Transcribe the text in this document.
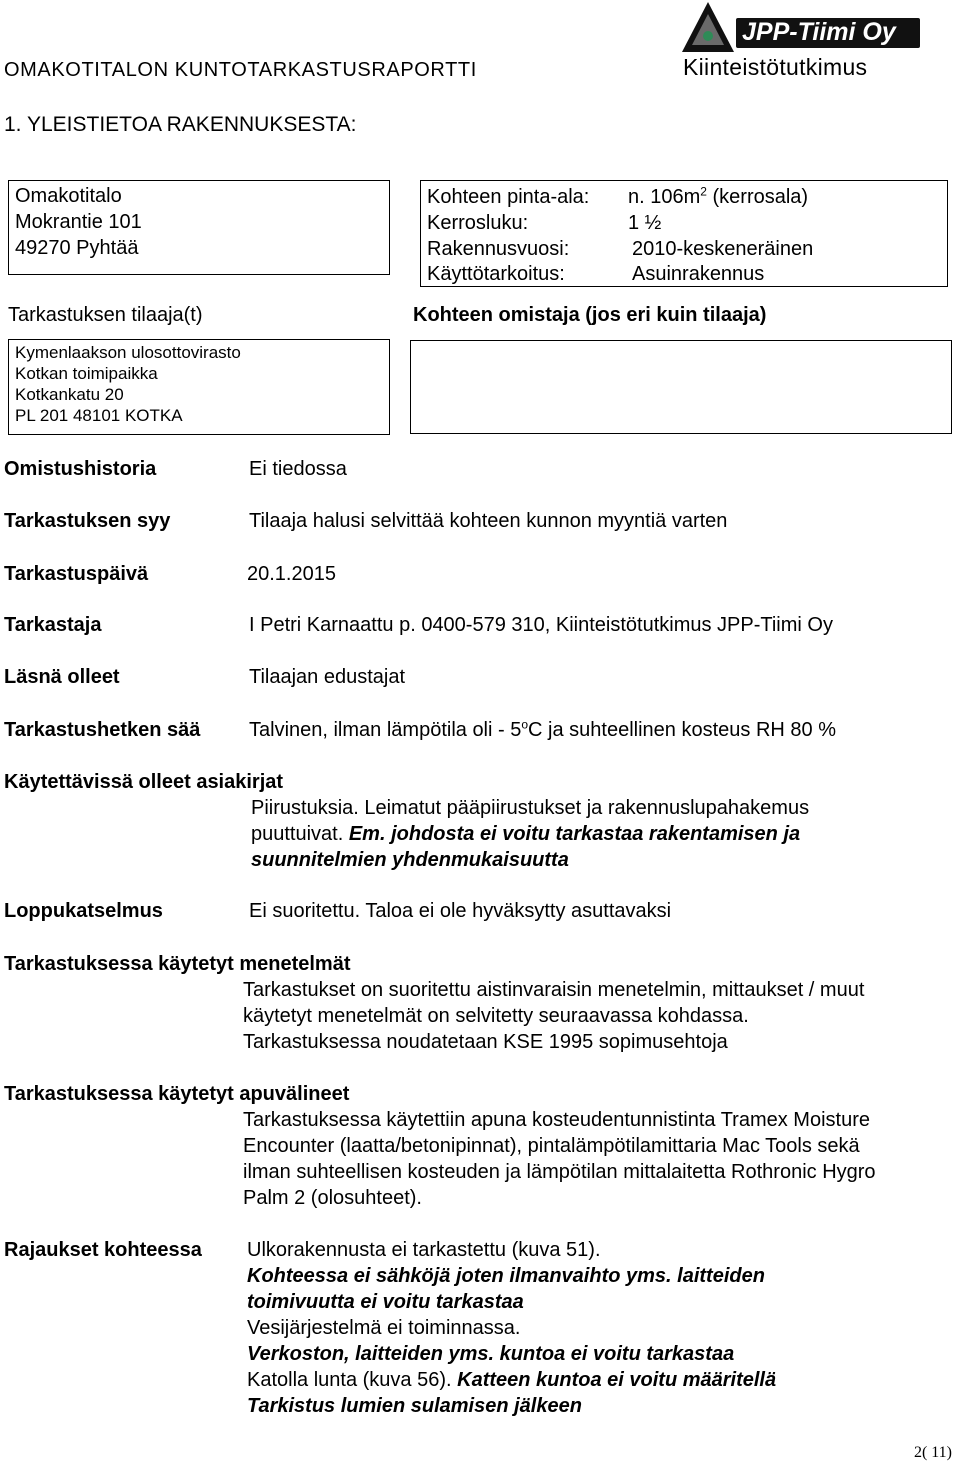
OMAKOTITALON KUNTOTARKASTUSRAPORTTI
1. YLEISTIETOA RAKENNUKSESTA:
JPP-Tiimi Oy
Kiinteistötutkimus
Omakotitalo
Mokrantie 101
49270 Pyhtää
Kohteen pinta-ala: n. $106m^2$ (kerrosala)
Kerrosluku:	1 ½
Rakennusvuosi:	2010-keskeneräinen
Käyttötarkoitus:	Asuinrakennus
Tarkastuksen tilaaja(t)	Kohteen omistaja (jos eri kuin tilaaja)
Kymenlaakson ulosottovirasto
Kotkan toimipaikka
Kotkankatu 20
PL 201 48101 KOTKA
Omistushistoria	Ei tiedossa
Tarkastuksen syy	Tilaaja halusi selvittää kohteen kunnon myyntiä varten
Tarkastuspäivä	20.1.2015
Tarkastaja	I Petri Karnaattu p. 0400-579 310, Kiinteistötutkimus JPP-Tiimi Oy
Läsnä olleet	Tilaajan edustajat
Tarkastushetken sää Talvinen, ilman lämpötila oli - 5$^o$C ja suhteellinen kosteus RH 80 %
Käytettävissä olleet asiakirjat
Piirustuksia. Leimatut pääpiirustukset ja rakennuslupahakemus
puuttuivat. Em. johdosta ei voitu tarkastaa rakentamisen ja
suunnitelmien yhdenmukaisuutta
Loppukatselmus	Ei suoritettu. Taloa ei ole hyväksytty asuttavaksi
Tarkastuksessa käytetyt menetelmät
Tarkastukset on suoritettu aistinvaraisin menetelmin, mittaukset / muut
käytetyt menetelmät on selvitetty seuraavassa kohdassa.
Tarkastuksessa noudatetaan KSE 1995 sopimusehtoja
Tarkastuksessa käytetyt apuvälineet
Tarkastuksessa käytettiin apuna kosteudentunnistinta Tramex Moisture
Encounter (laatta/betonipinnat), pintalämpötilamittaria Mac Tools sekä
ilman suhteellisen kosteuden ja lämpötilan mittalaitetta Rothronic Hygro
Palm 2 (olosuhteet).
Rajaukset kohteessa Ulkorakennusta ei tarkastettu (kuva 51).
Kohteessa ei sähköjä joten ilmanvaihto yms. laitteiden
toimivuutta ei voitu tarkastaa
Vesijärjestelmä ei toiminnassa.
Verkoston, laitteiden yms. kuntoa ei voitu tarkastaa
Katolla lunta (kuva 56). Katteen kuntoa ei voitu määritellä
Tarkistus lumien sulamisen jälkeen
2( 11)
